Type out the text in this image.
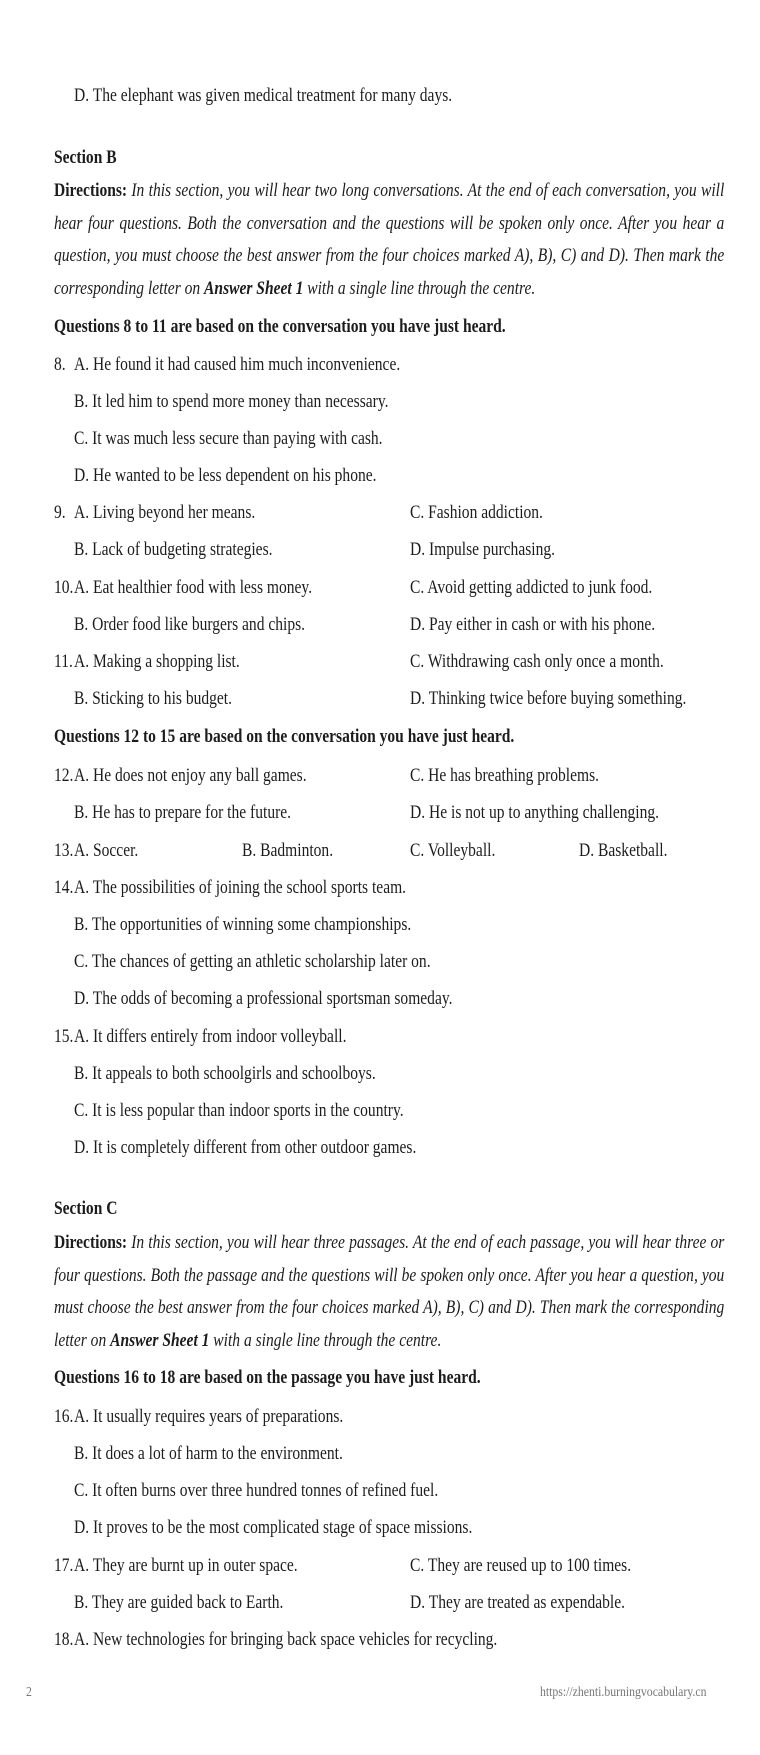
D. The elephant was given medical treatment for many days.
Section B
Directions: In this section, you will hear two long conversations. At the end of each conversation, you will hear four questions. Both the conversation and the questions will be spoken only once. After you hear a question, you must choose the best answer from the four choices marked A), B), C) and D). Then mark the corresponding letter on Answer Sheet 1 with a single line through the centre.
Questions 8 to 11 are based on the conversation you have just heard.
8. A. He found it had caused him much inconvenience.
B. It led him to spend more money than necessary.
C. It was much less secure than paying with cash.
D. He wanted to be less dependent on his phone.
9. A. Living beyond her means.	C. Fashion addiction.
B. Lack of budgeting strategies.	D. Impulse purchasing.
10. A. Eat healthier food with less money.	C. Avoid getting addicted to junk food.
B. Order food like burgers and chips.	D. Pay either in cash or with his phone.
11. A. Making a shopping list.	C. Withdrawing cash only once a month.
B. Sticking to his budget.	D. Thinking twice before buying something.
Questions 12 to 15 are based on the conversation you have just heard.
12. A. He does not enjoy any ball games.	C. He has breathing problems.
B. He has to prepare for the future.	D. He is not up to anything challenging.
13. A. Soccer.	B. Badminton.	C. Volleyball.	D. Basketball.
14. A. The possibilities of joining the school sports team.
B. The opportunities of winning some championships.
C. The chances of getting an athletic scholarship later on.
D. The odds of becoming a professional sportsman someday.
15. A. It differs entirely from indoor volleyball.
B. It appeals to both schoolgirls and schoolboys.
C. It is less popular than indoor sports in the country.
D. It is completely different from other outdoor games.
Section C
Directions: In this section, you will hear three passages. At the end of each passage, you will hear three or four questions. Both the passage and the questions will be spoken only once. After you hear a question, you must choose the best answer from the four choices marked A), B), C) and D). Then mark the corresponding letter on Answer Sheet 1 with a single line through the centre.
Questions 16 to 18 are based on the passage you have just heard.
16. A. It usually requires years of preparations.
B. It does a lot of harm to the environment.
C. It often burns over three hundred tonnes of refined fuel.
D. It proves to be the most complicated stage of space missions.
17. A. They are burnt up in outer space.	C. They are reused up to 100 times.
B. They are guided back to Earth.	D. They are treated as expendable.
18. A. New technologies for bringing back space vehicles for recycling.
2	https://zhenti.burningvocabulary.cn
